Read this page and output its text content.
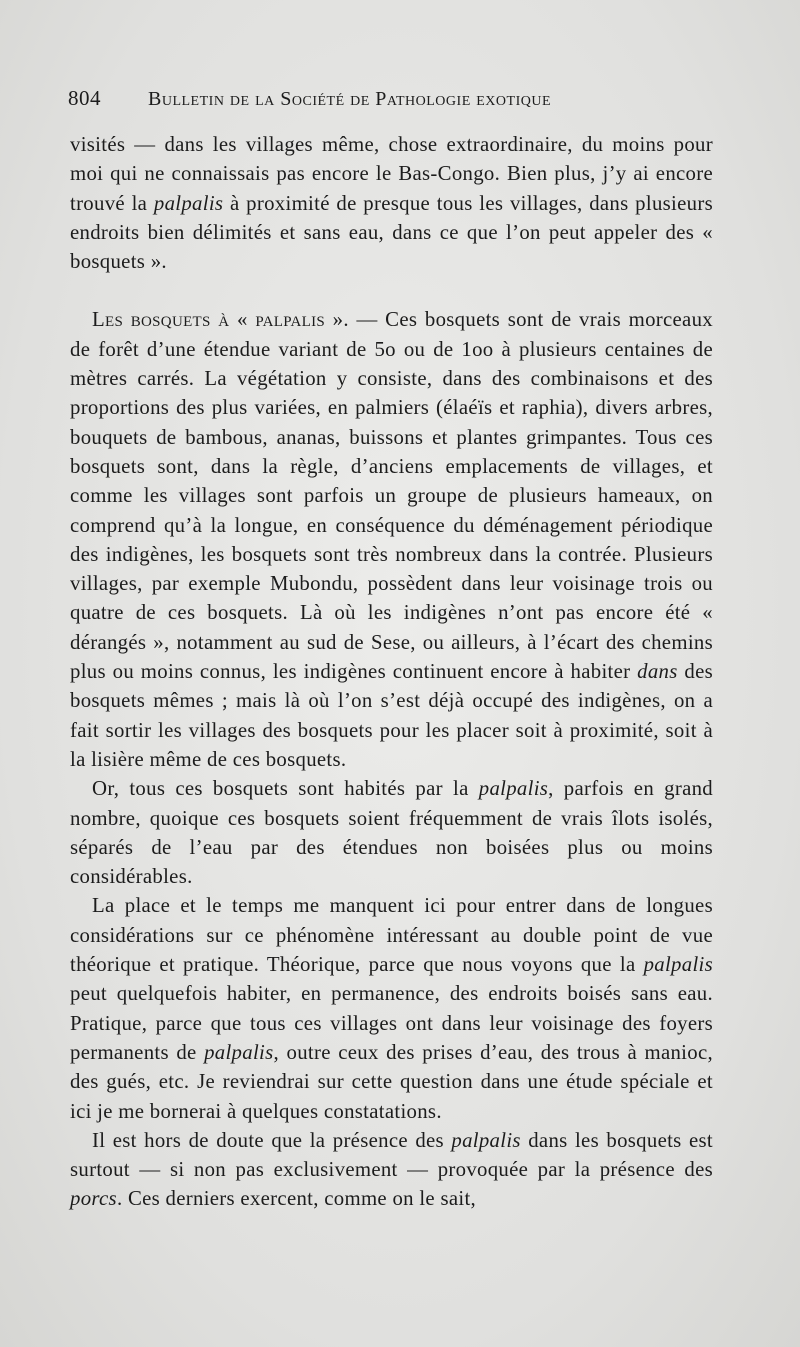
804 Bulletin de la Société de Pathologie exotique

visités — dans les villages même, chose extraordinaire, du moins pour moi qui ne connaissais pas encore le Bas-Congo. Bien plus, j’y ai encore trouvé la palpalis à proximité de presque tous les villages, dans plusieurs endroits bien délimités et sans eau, dans ce que l’on peut appeler des « bosquets ».

Les bosquets à « palpalis ». — Ces bosquets sont de vrais morceaux de forêt d’une étendue variant de 5o ou de 1oo à plusieurs centaines de mètres carrés. La végétation y consiste, dans des combinaisons et des proportions des plus variées, en palmiers (élaéïs et raphia), divers arbres, bouquets de bambous, ananas, buissons et plantes grimpantes. Tous ces bosquets sont, dans la règle, d’anciens emplacements de villages, et comme les villages sont parfois un groupe de plusieurs hameaux, on comprend qu’à la longue, en conséquence du déménagement périodique des indigènes, les bosquets sont très nombreux dans la contrée. Plusieurs villages, par exemple Mubondu, possèdent dans leur voisinage trois ou quatre de ces bosquets. Là où les indigènes n’ont pas encore été « dérangés », notamment au sud de Sese, ou ailleurs, à l’écart des chemins plus ou moins connus, les indigènes continuent encore à habiter dans des bosquets mêmes ; mais là où l’on s’est déjà occupé des indigènes, on a fait sortir les villages des bosquets pour les placer soit à proximité, soit à la lisière même de ces bosquets.

Or, tous ces bosquets sont habités par la palpalis, parfois en grand nombre, quoique ces bosquets soient fréquemment de vrais îlots isolés, séparés de l’eau par des étendues non boisées plus ou moins considérables.

La place et le temps me manquent ici pour entrer dans de longues considérations sur ce phénomène intéressant au double point de vue théorique et pratique. Théorique, parce que nous voyons que la palpalis peut quelquefois habiter, en permanence, des endroits boisés sans eau. Pratique, parce que tous ces villages ont dans leur voisinage des foyers permanents de palpalis, outre ceux des prises d’eau, des trous à manioc, des gués, etc. Je reviendrai sur cette question dans une étude spéciale et ici je me bornerai à quelques constatations.

Il est hors de doute que la présence des palpalis dans les bosquets est surtout — si non pas exclusivement — provoquée par la présence des porcs. Ces derniers exercent, comme on le sait,
